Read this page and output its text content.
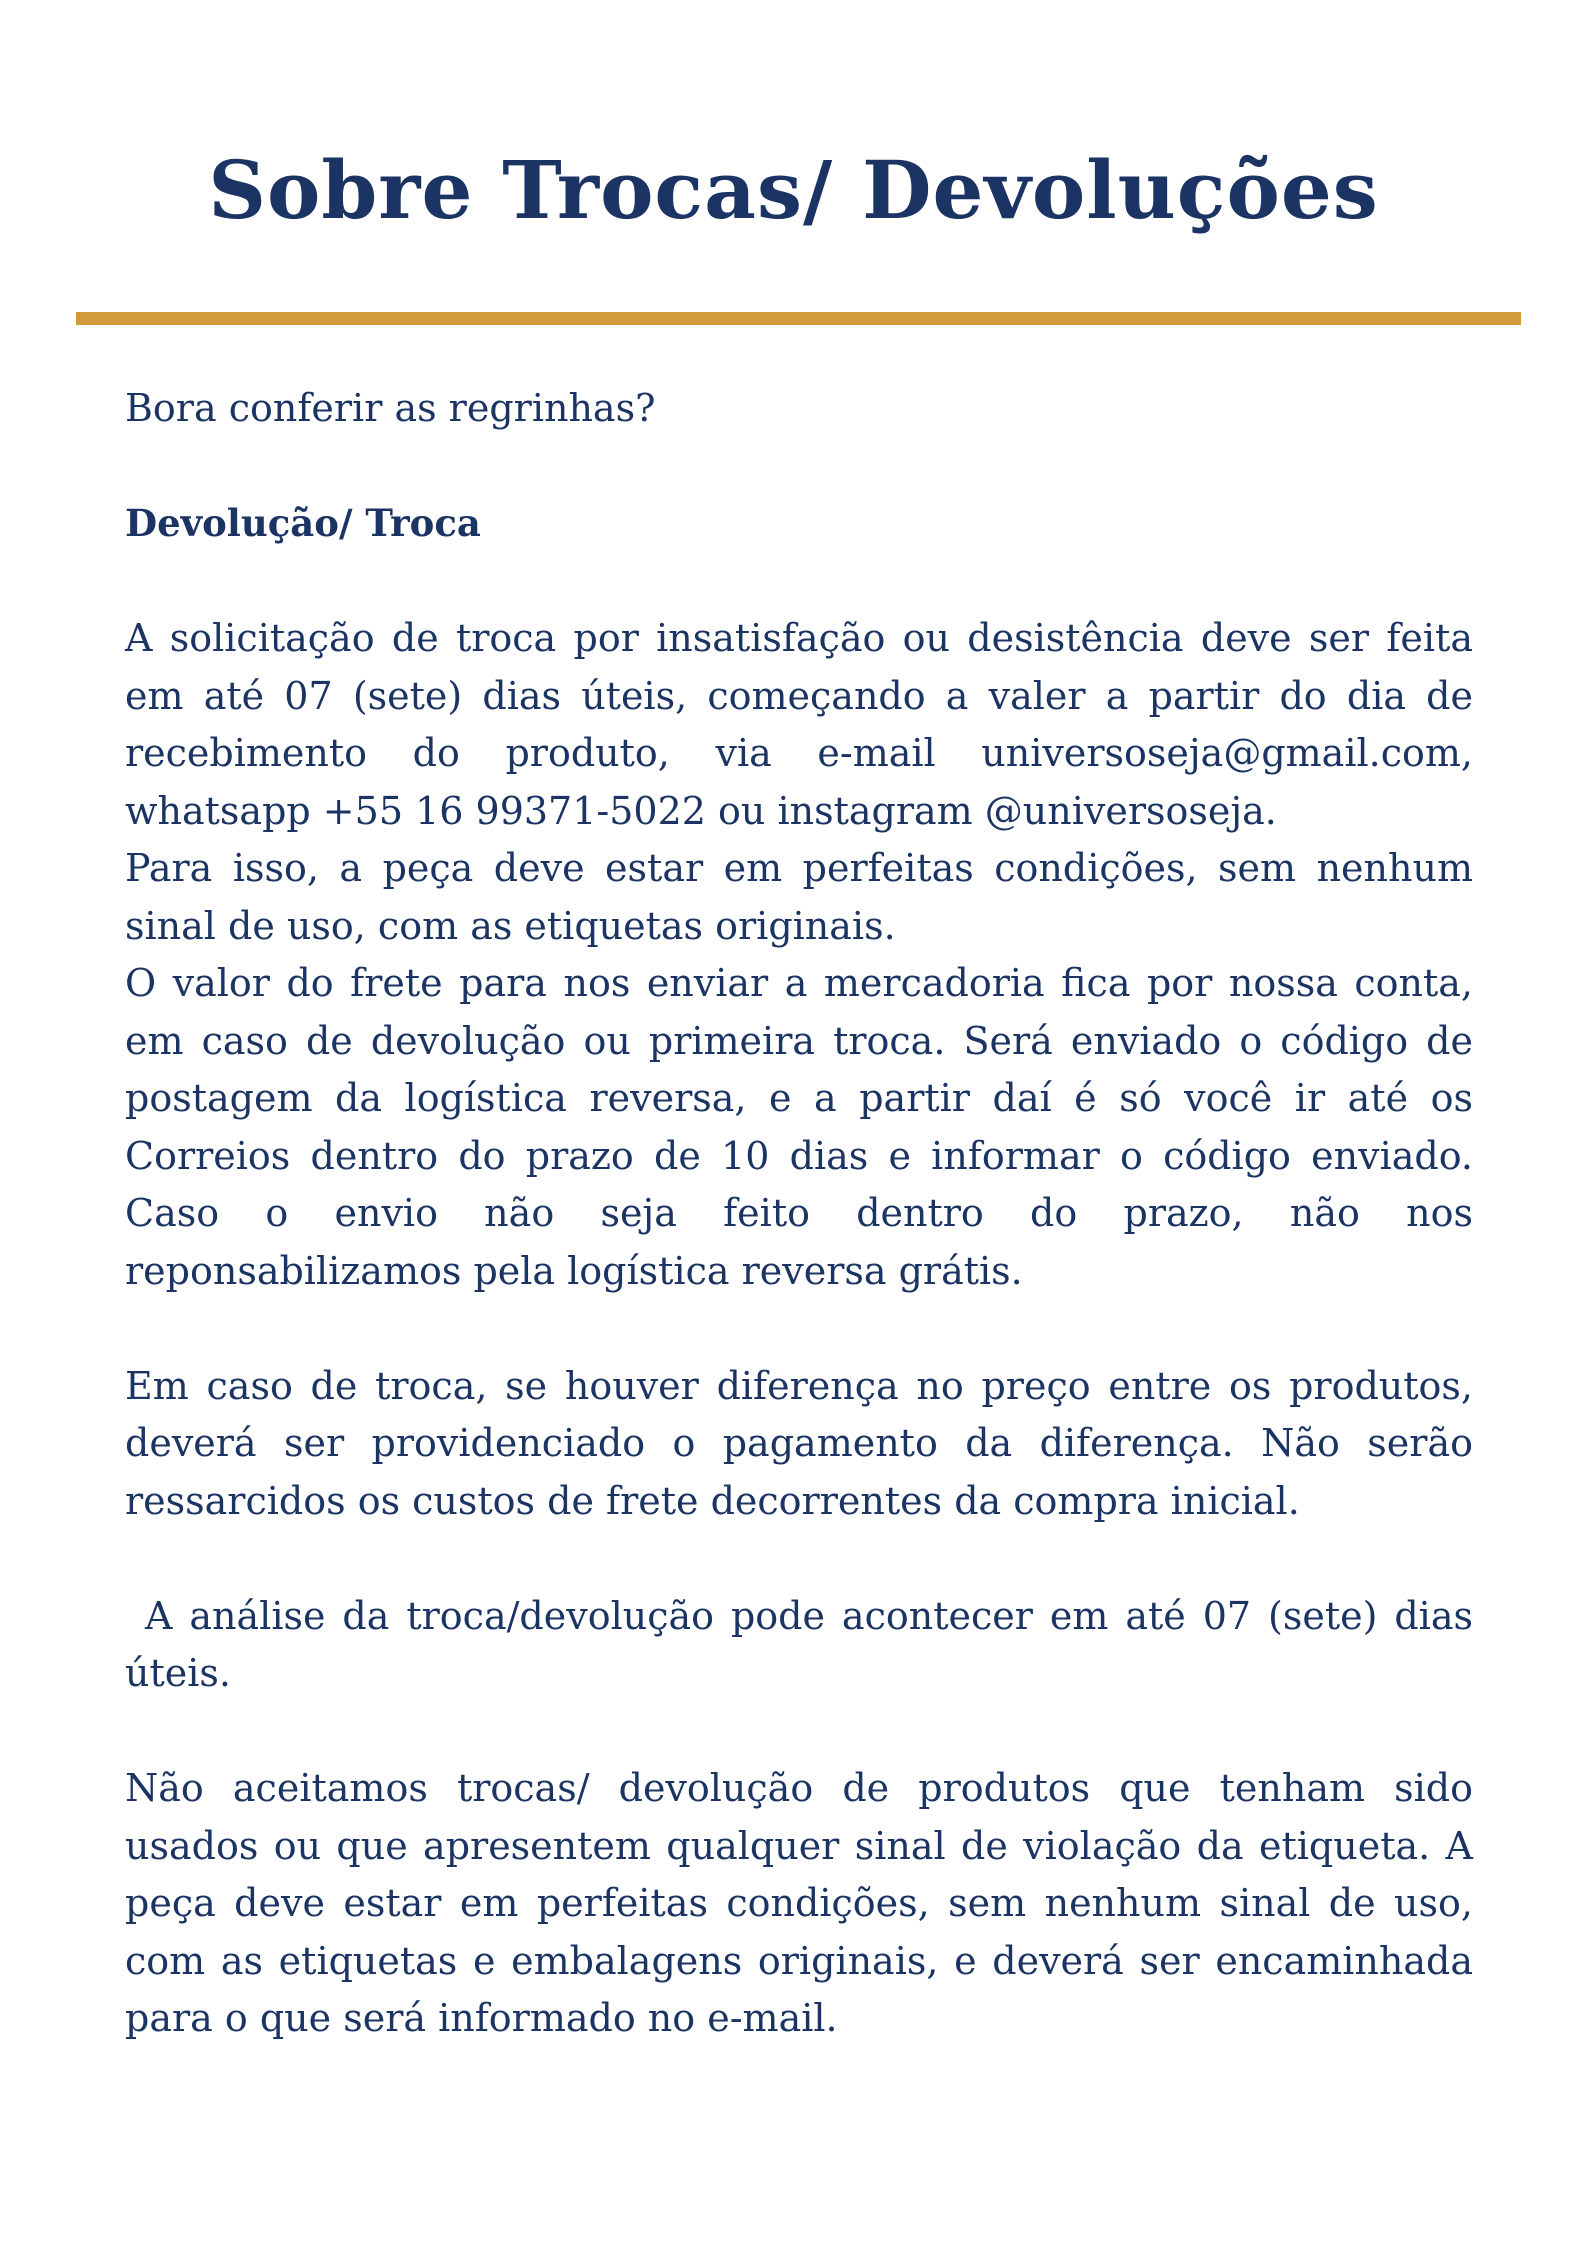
Sobre Trocas/ Devoluções

Bora conferir as regrinhas?

Devolução/ Troca

A solicitação de troca por insatisfação ou desistência deve ser feita em até 07 (sete) dias úteis, começando a valer a partir do dia de recebimento do produto, via e-mail universoseja@gmail.com, whatsapp +55 16 99371-5022 ou instagram @universoseja.

Para isso, a peça deve estar em perfeitas condições, sem nenhum sinal de uso, com as etiquetas originais.

O valor do frete para nos enviar a mercadoria fica por nossa conta, em caso de devolução ou primeira troca. Será enviado o código de postagem da logística reversa, e a partir daí é só você ir até os Correios dentro do prazo de 10 dias e informar o código enviado. Caso o envio não seja feito dentro do prazo, não nos reponsabilizamos pela logística reversa grátis.

Em caso de troca, se houver diferença no preço entre os produtos, deverá ser providenciado o pagamento da diferença. Não serão ressarcidos os custos de frete decorrentes da compra inicial.

A análise da troca/devolução pode acontecer em até 07 (sete) dias úteis.

Não aceitamos trocas/ devolução de produtos que tenham sido usados ou que apresentem qualquer sinal de violação da etiqueta. A peça deve estar em perfeitas condições, sem nenhum sinal de uso, com as etiquetas e embalagens originais, e deverá ser encaminhada para o que será informado no e-mail.
